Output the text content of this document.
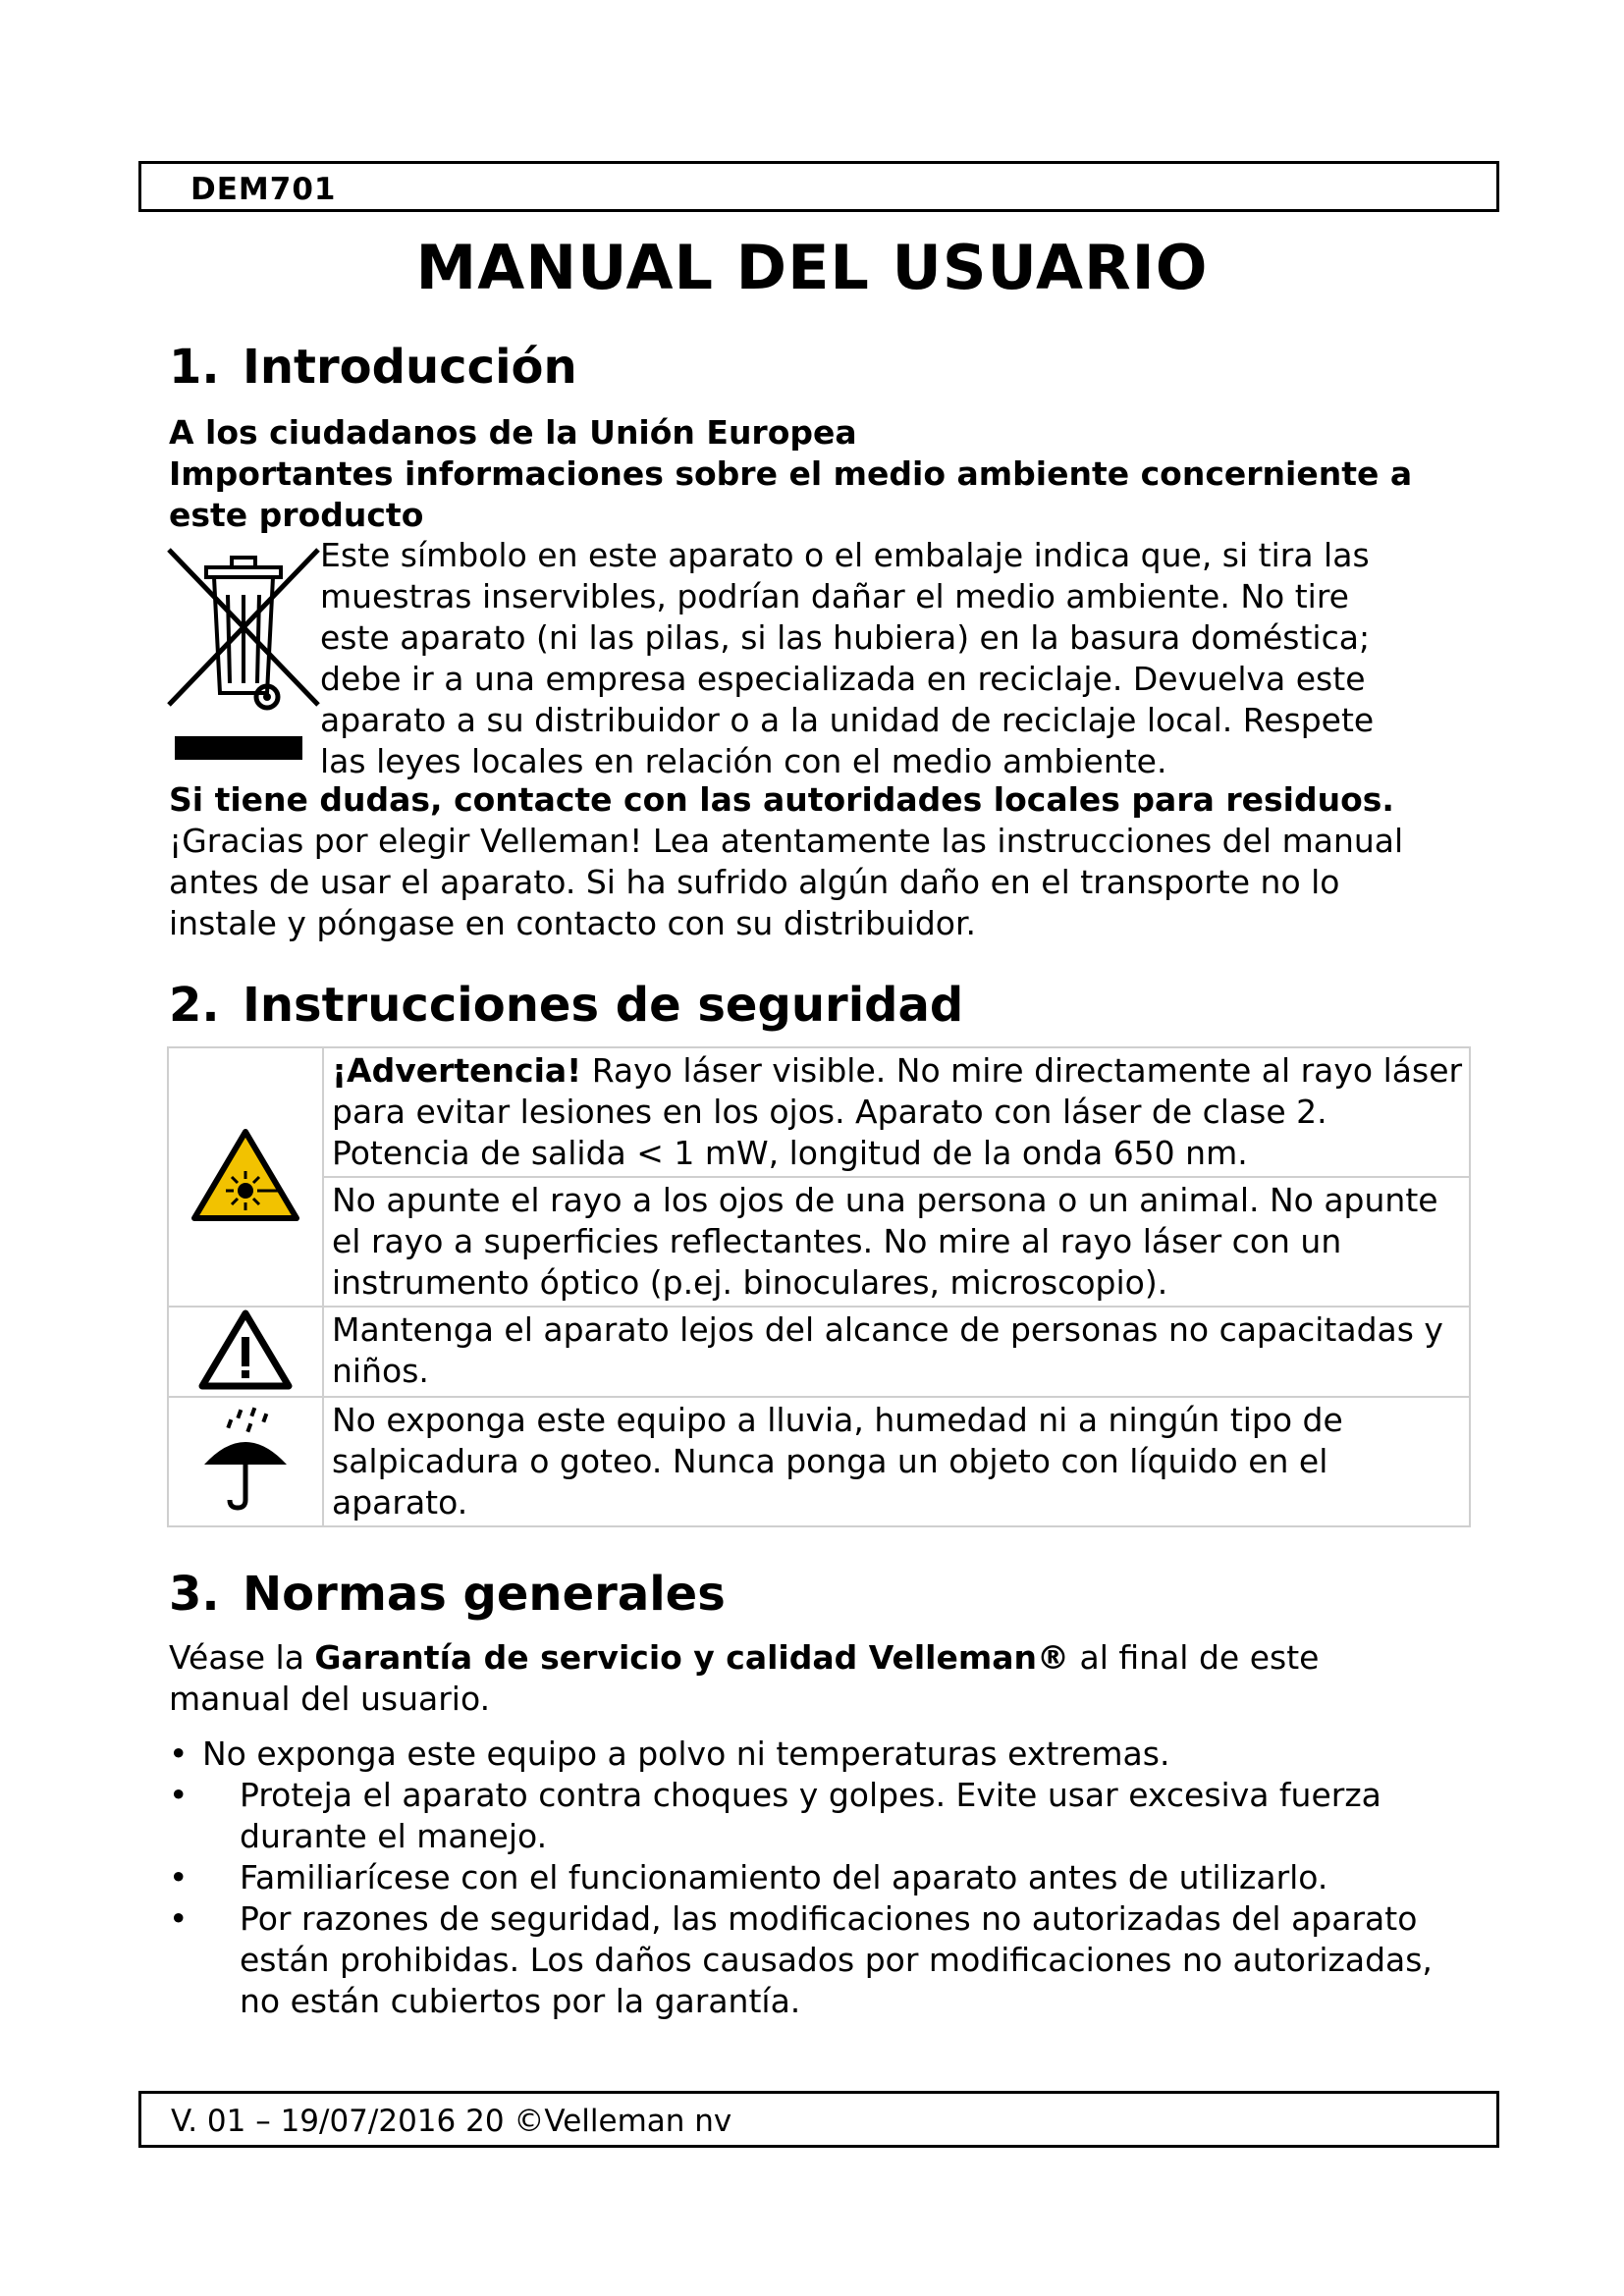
DEM701
MANUAL DEL USUARIO
1. Introducción
A los ciudadanos de la Unión Europea
Importantes informaciones sobre el medio ambiente concerniente a este producto
Este símbolo en este aparato o el embalaje indica que, si tira las
muestras inservibles, podrían dañar el medio ambiente. No tire
este aparato (ni las pilas, si las hubiera) en la basura doméstica;
debe ir a una empresa especializada en reciclaje. Devuelva este
aparato a su distribuidor o a la unidad de reciclaje local. Respete
las leyes locales en relación con el medio ambiente.
Si tiene dudas, contacte con las autoridades locales para residuos.
¡Gracias por elegir Velleman! Lea atentamente las instrucciones del manual
antes de usar el aparato. Si ha sufrido algún daño en el transporte no lo
instale y póngase en contacto con su distribuidor.
2. Instrucciones de seguridad
	¡Advertencia! Rayo láser visible. No mire directamente al rayo láser para evitar lesiones en los ojos. Aparato con láser de clase 2. Potencia de salida < 1 mW, longitud de la onda 650 nm.
	No apunte el rayo a los ojos de una persona o un animal. No apunte el rayo a superficies reflectantes. No mire al rayo láser con un instrumento óptico (p.ej. binoculares, microscopio).
	Mantenga el aparato lejos del alcance de personas no capacitadas y niños.
	No exponga este equipo a lluvia, humedad ni a ningún tipo de salpicadura o goteo. Nunca ponga un objeto con líquido en el aparato.
3. Normas generales
Véase la Garantía de servicio y calidad Velleman® al final de este
manual del usuario.
• No exponga este equipo a polvo ni temperaturas extremas.
• Proteja el aparato contra choques y golpes. Evite usar excesiva fuerza durante el manejo.
• Familiarícese con el funcionamiento del aparato antes de utilizarlo.
• Por razones de seguridad, las modificaciones no autorizadas del aparato están prohibidas. Los daños causados por modificaciones no autorizadas, no están cubiertos por la garantía.
V. 01 – 19/07/2016 20 ©Velleman nv
